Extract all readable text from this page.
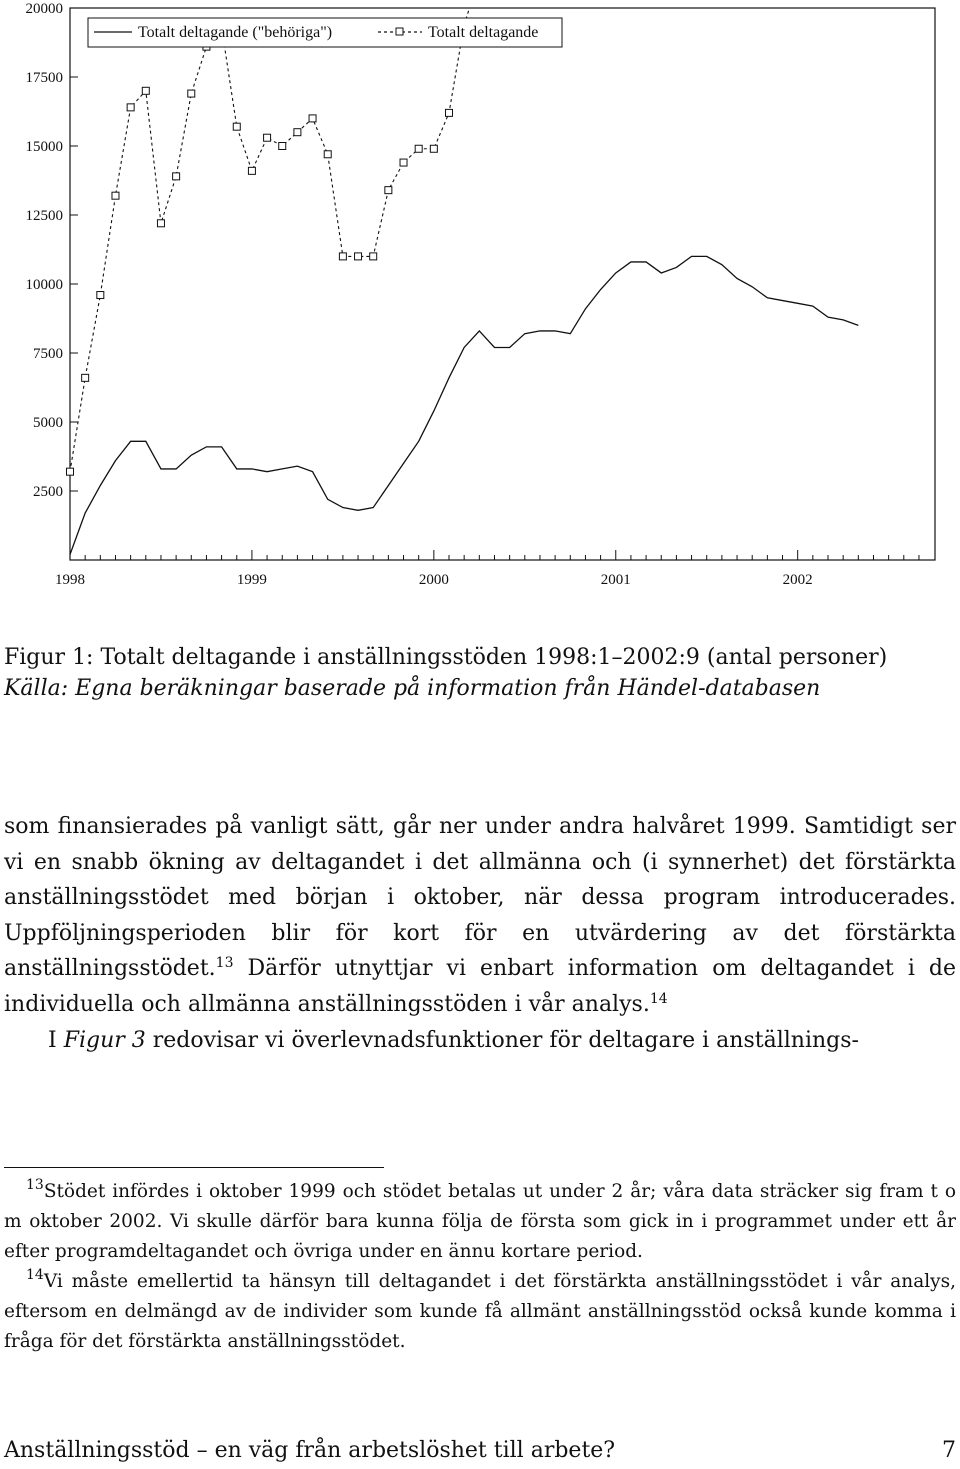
2500
5000
7500
10000
12500
15000
17500
20000
1998	1999	2000	2001	2002
Totalt deltagande ("behöriga")	Totalt deltagande
Figur 1: Totalt deltagande i anställningsstöden 1998:1–2002:9 (antal personer)
Källa: Egna beräkningar baserade på information från Händel-databasen

som finansierades på vanligt sätt, går ner under andra halvåret 1999. Samtidigt ser vi en snabb ökning av deltagandet i det allmänna och (i synnerhet) det förstärkta anställningsstödet med början i oktober, när dessa program introducerades. Uppföljningsperioden blir för kort för en utvärdering av det förstärkta anställningsstödet.$^{13}$ Därför utnyttjar vi enbart information om deltagandet i de individuella och allmänna anställningsstöden i vår analys.$^{14}$

I Figur 3 redovisar vi överlevnadsfunktioner för deltagare i anställnings-

$^{13}$Stödet infördes i oktober 1999 och stödet betalas ut under 2 år; våra data sträcker sig fram t o m oktober 2002. Vi skulle därför bara kunna följa de första som gick in i programmet under ett år efter programdeltagandet och övriga under en ännu kortare period.

$^{14}$Vi måste emellertid ta hänsyn till deltagandet i det förstärkta anställningsstödet i vår analys, eftersom en delmängd av de individer som kunde få allmänt anställningsstöd också kunde komma i fråga för det förstärkta anställningsstödet.

Anställningsstöd – en väg från arbetslöshet till arbete?	7
